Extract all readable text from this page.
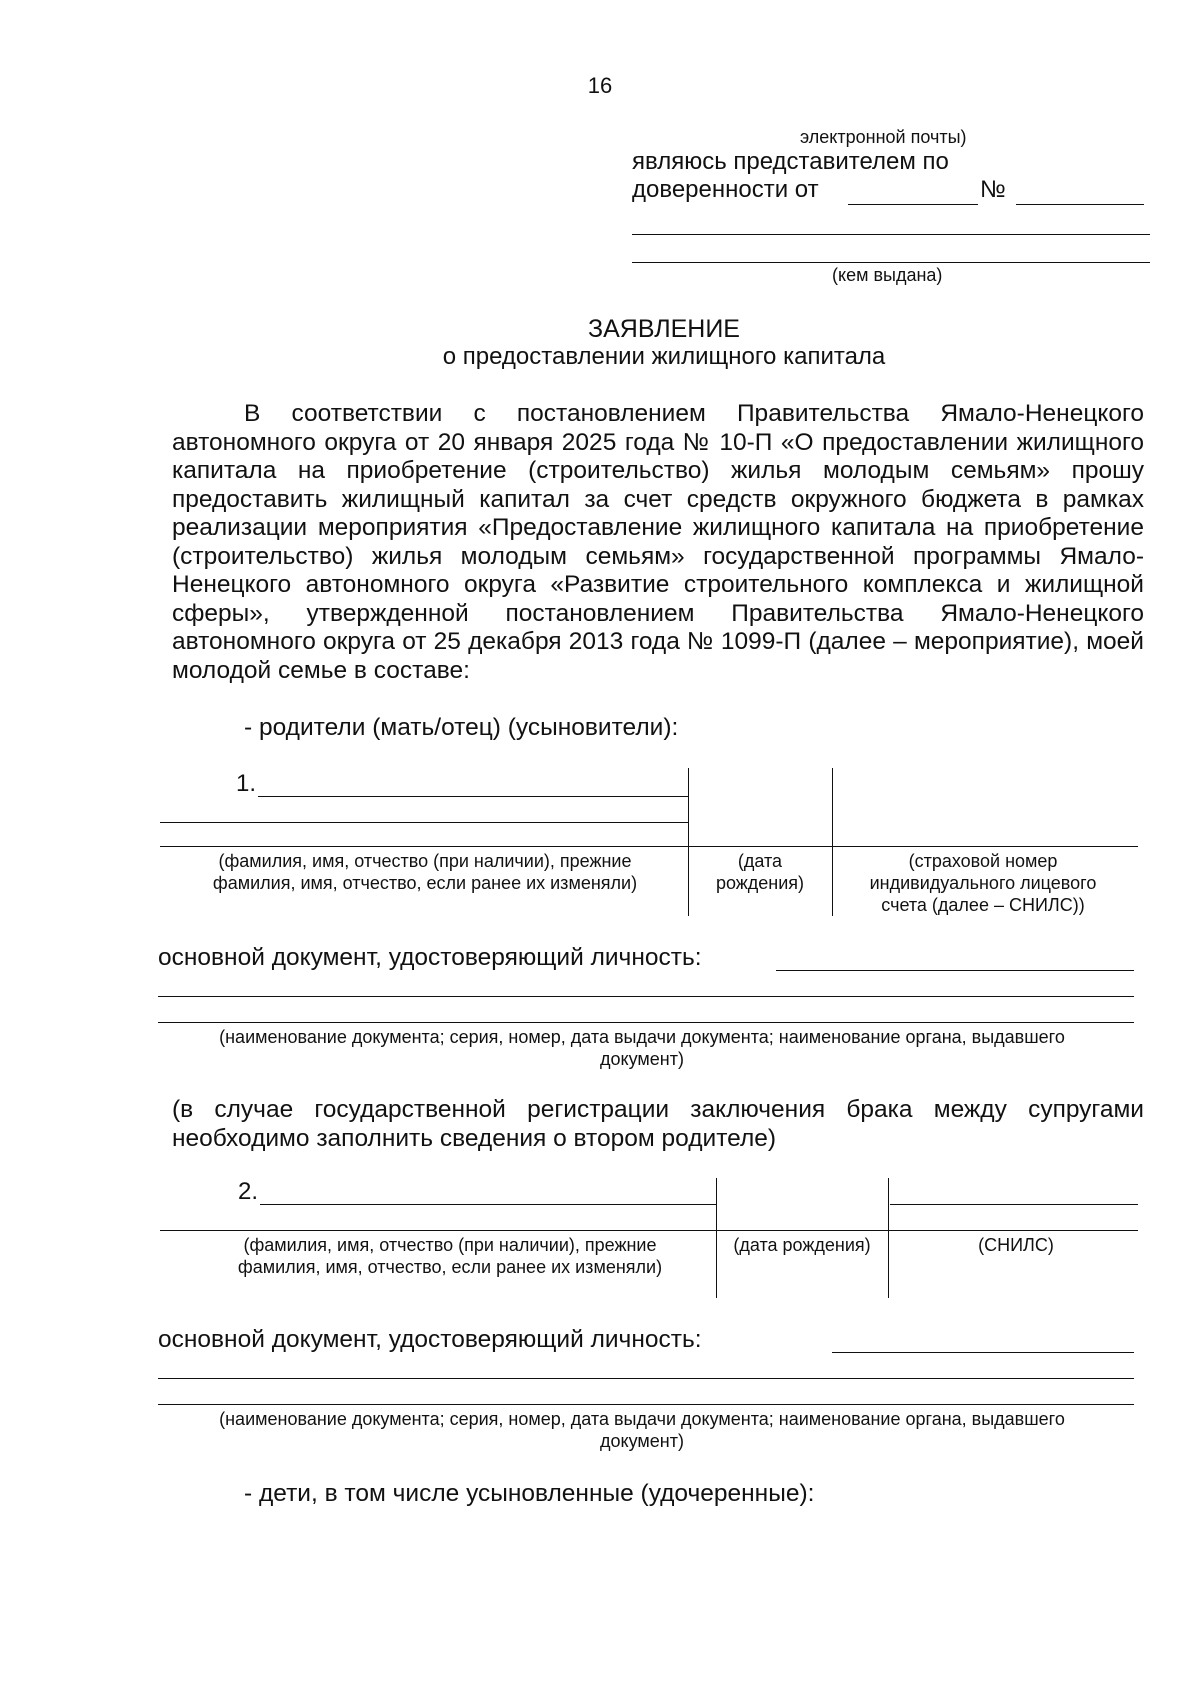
16
электронной почты)
являюсь представителем по
доверенности от	№
(кем выдана)
ЗАЯВЛЕНИЕ
о предоставлении жилищного капитала
В соответствии с постановлением Правительства Ямало-Ненецкого автономного округа от 20 января 2025 года № 10-П «О предоставлении жилищного капитала на приобретение (строительство) жилья молодым семьям» прошу предоставить жилищный капитал за счет средств окружного бюджета в рамках реализации мероприятия «Предоставление жилищного капитала на приобретение (строительство) жилья молодым семьям» государственной программы Ямало-Ненецкого автономного округа «Развитие строительного комплекса и жилищной сферы», утвержденной постановлением Правительства Ямало-Ненецкого автономного округа от 25 декабря 2013 года № 1099-П (далее – мероприятие), моей молодой семье в составе:
- родители (мать/отец) (усыновители):
1.
(фамилия, имя, отчество (при наличии), прежние фамилия, имя, отчество, если ранее их изменяли)
(дата рождения)
(страховой номер индивидуального лицевого счета (далее – СНИЛС))
основной документ, удостоверяющий личность:
(наименование документа; серия, номер, дата выдачи документа; наименование органа, выдавшего документ)
(в случае государственной регистрации заключения брака между супругами необходимо заполнить сведения о втором родителе)
2.
(фамилия, имя, отчество (при наличии), прежние фамилия, имя, отчество, если ранее их изменяли)
(дата рождения)	(СНИЛС)
основной документ, удостоверяющий личность:
(наименование документа; серия, номер, дата выдачи документа; наименование органа, выдавшего документ)
- дети, в том числе усыновленные (удочеренные):
